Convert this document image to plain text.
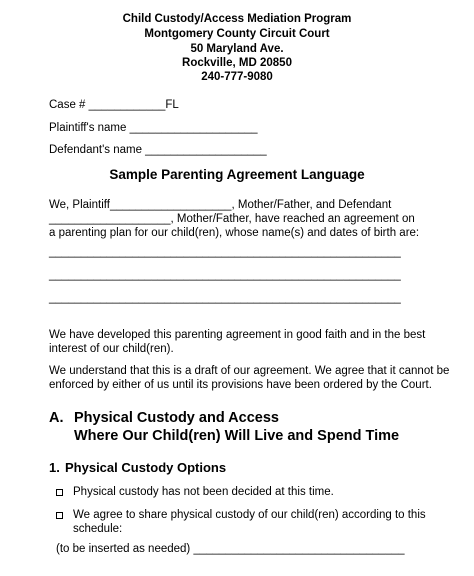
Child Custody/Access Mediation Program
Montgomery County Circuit Court
50 Maryland Ave.
Rockville, MD 20850
240-777-9080
Case # ____________FL
Plaintiff's name ____________________
Defendant's name ___________________
Sample Parenting Agreement Language
We, Plaintiff___________________, Mother/Father, and Defendant
___________________, Mother/Father, have reached an agreement on
a parenting plan for our child(ren), whose name(s) and dates of birth are:
_______________________________________________________
_______________________________________________________
_______________________________________________________
We have developed this parenting agreement in good faith and in the best
interest of our child(ren).
We understand that this is a draft of our agreement. We agree that it cannot be
enforced by either of us until its provisions have been ordered by the Court.
A. Physical Custody and Access
Where Our Child(ren) Will Live and Spend Time
1. Physical Custody Options
Physical custody has not been decided at this time.
We agree to share physical custody of our child(ren) according to this
schedule:
(to be inserted as needed) _________________________________
